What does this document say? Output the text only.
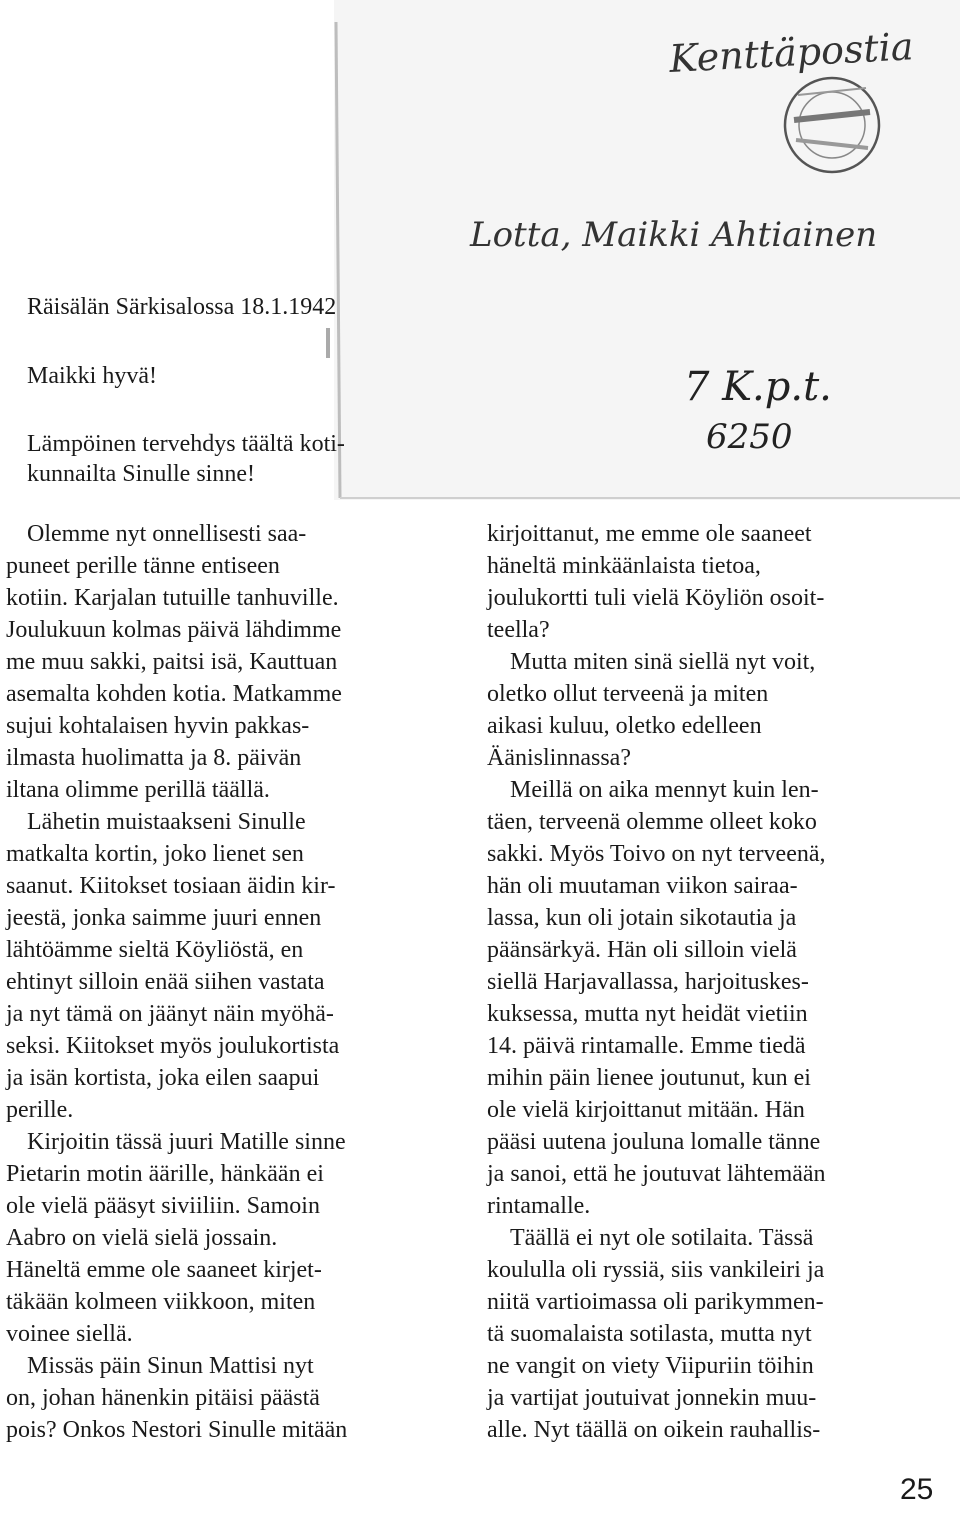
Kenttäpostia
Lotta, Maikki Ahtiainen
7 K.p.t.
6250
Räisälän Särkisalossa 18.1.1942
Maikki hyvä!
Lämpöinen tervehdys täältä koti-
kunnailta Sinulle sinne!
Olemme nyt onnellisesti saa-
puneet perille tänne entiseen
kotiin. Karjalan tutuille tanhuville.
Joulukuun kolmas päivä lähdimme
me muu sakki, paitsi isä, Kauttuan
asemalta kohden kotia. Matkamme
sujui kohtalaisen hyvin pakkas-
ilmasta huolimatta ja 8. päivän
iltana olimme perillä täällä.
Lähetin muistaakseni Sinulle
matkalta kortin, joko lienet sen
saanut. Kiitokset tosiaan äidin kir-
jeestä, jonka saimme juuri ennen
lähtöämme sieltä Köyliöstä, en
ehtinyt silloin enää siihen vastata
ja nyt tämä on jäänyt näin myöhä-
seksi. Kiitokset myös joulukortista
ja isän kortista, joka eilen saapui
perille.
Kirjoitin tässä juuri Matille sinne
Pietarin motin äärille, hänkään ei
ole vielä pääsyt siviiliin. Samoin
Aabro on vielä sielä jossain.
Häneltä emme ole saaneet kirjet-
täkään kolmeen viikkoon, miten
voinee siellä.
Missäs päin Sinun Mattisi nyt
on, johan hänenkin pitäisi päästä
pois? Onkos Nestori Sinulle mitään
kirjoittanut, me emme ole saaneet
häneltä minkäänlaista tietoa,
joulukortti tuli vielä Köyliön osoit-
teella?
Mutta miten sinä siellä nyt voit,
oletko ollut terveenä ja miten
aikasi kuluu, oletko edelleen
Äänislinnassa?
Meillä on aika mennyt kuin len-
täen, terveenä olemme olleet koko
sakki. Myös Toivo on nyt terveenä,
hän oli muutaman viikon sairaa-
lassa, kun oli jotain sikotautia ja
päänsärkyä. Hän oli silloin vielä
siellä Harjavallassa, harjoituskes-
kuksessa, mutta nyt heidät vietiin
14. päivä rintamalle. Emme tiedä
mihin päin lienee joutunut, kun ei
ole vielä kirjoittanut mitään. Hän
pääsi uutena jouluna lomalle tänne
ja sanoi, että he joutuvat lähtemään
rintamalle.
Täällä ei nyt ole sotilaita. Tässä
koululla oli ryssiä, siis vankileiri ja
niitä vartioimassa oli parikymmen-
tä suomalaista sotilasta, mutta nyt
ne vangit on viety Viipuriin töihin
ja vartijat joutuivat jonnekin muu-
alle. Nyt täällä on oikein rauhallis-
25
